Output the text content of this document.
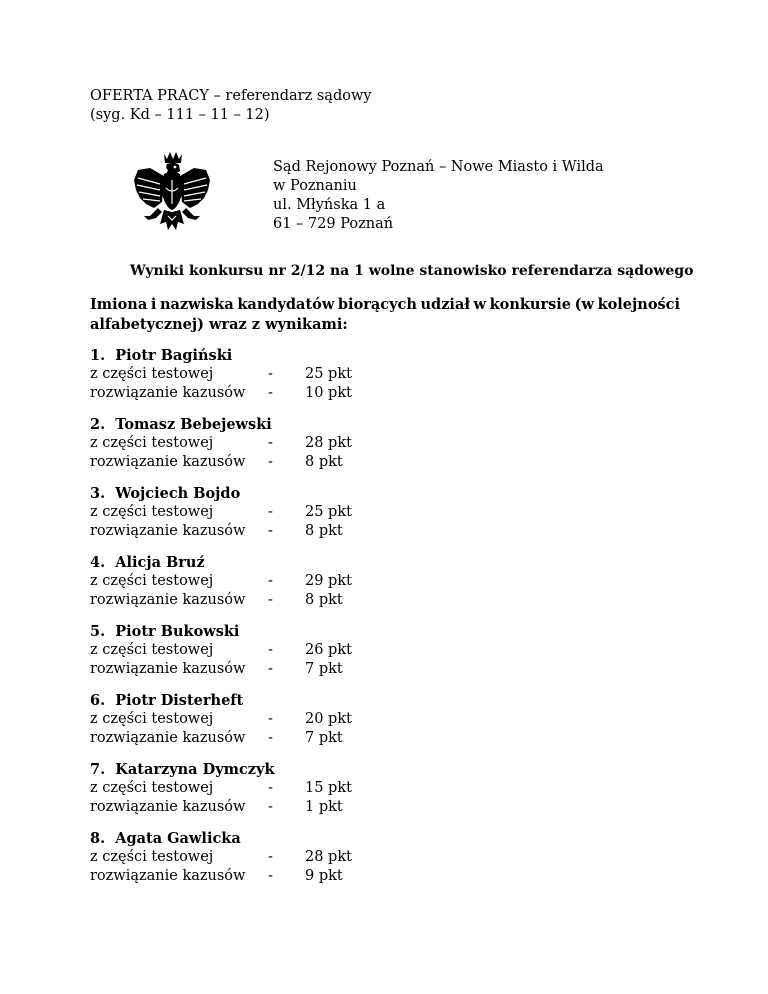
OFERTA PRACY – referendarz sądowy
(syg. Kd – 111 – 11 – 12)
Sąd Rejonowy Poznań – Nowe Miasto i Wilda
w Poznaniu
ul. Młyńska 1 a
61 – 729 Poznań
Wyniki konkursu nr 2/12 na 1 wolne stanowisko referendarza sądowego
Imiona i nazwiska kandydatów biorących udział w konkursie (w kolejności
alfabetycznej) wraz z wynikami:
1. Piotr Bagiński
z części testowej	- 25 pkt
rozwiązanie kazusów - 10 pkt
2. Tomasz Bebejewski
z części testowej	- 28 pkt
rozwiązanie kazusów - 8 pkt
3. Wojciech Bojdo
z części testowej	- 25 pkt
rozwiązanie kazusów - 8 pkt
4. Alicja Bruź
z części testowej	- 29 pkt
rozwiązanie kazusów - 8 pkt
5. Piotr Bukowski
z części testowej	- 26 pkt
rozwiązanie kazusów - 7 pkt
6. Piotr Disterheft
z części testowej	- 20 pkt
rozwiązanie kazusów - 7 pkt
7. Katarzyna Dymczyk
z części testowej	- 15 pkt
rozwiązanie kazusów - 1 pkt
8. Agata Gawlicka
z części testowej	- 28 pkt
rozwiązanie kazusów - 9 pkt
